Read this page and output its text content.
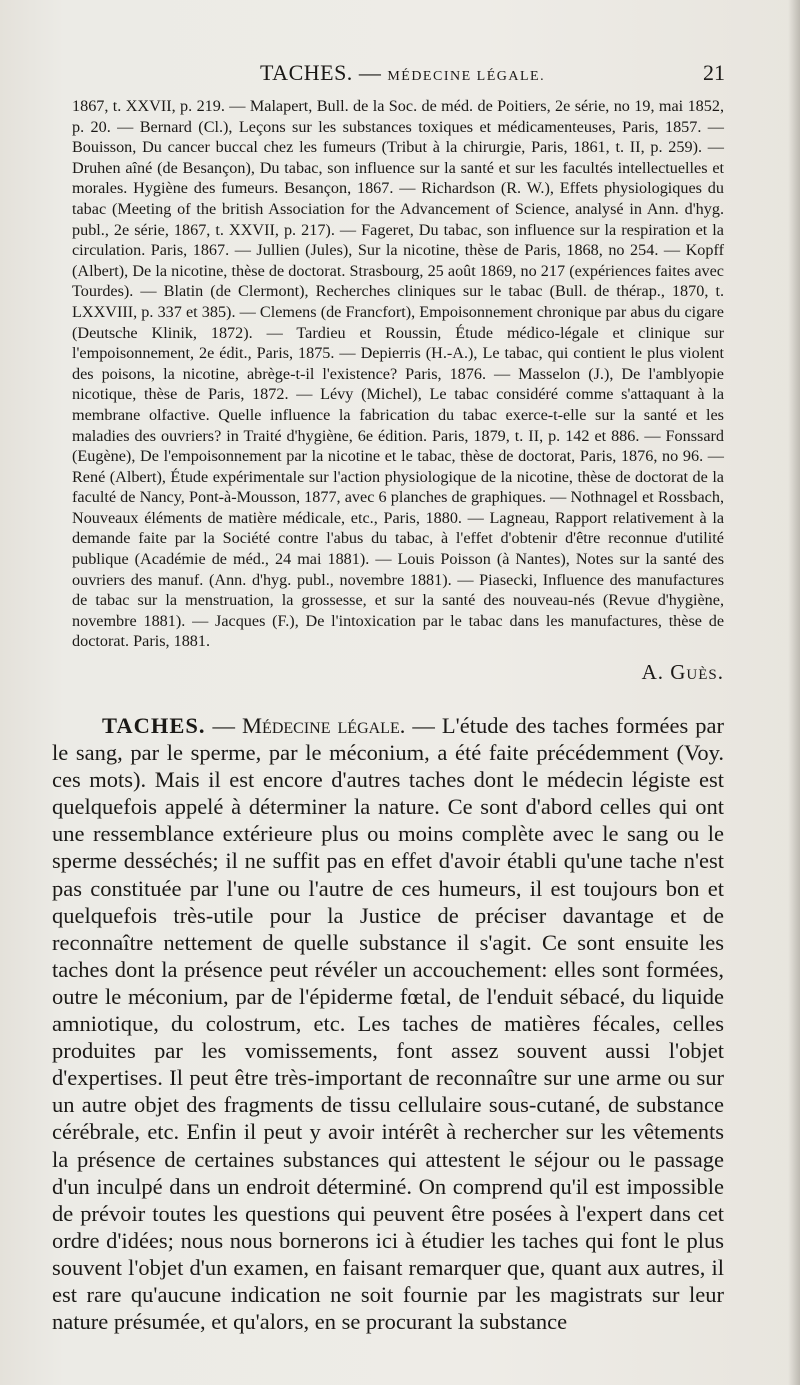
TACHES. — MÉDECINE LÉGALE.	21

1867, t. XXVII, p. 219. — Malapert, Bull. de la Soc. de méd. de Poitiers, 2e série, no 19, mai 1852, p. 20. — Bernard (Cl.), Leçons sur les substances toxiques et médicamenteuses, Paris, 1857. — Bouisson, Du cancer buccal chez les fumeurs (Tribut à la chirurgie, Paris, 1861, t. II, p. 259). — Druhen aîné (de Besançon), Du tabac, son influence sur la santé et sur les facultés intellectuelles et morales. Hygiène des fumeurs. Besançon, 1867. — Richardson (R. W.), Effets physiologiques du tabac (Meeting of the british Association for the Advancement of Science, analysé in Ann. d'hyg. publ., 2e série, 1867, t. XXVII, p. 217). — Fageret, Du tabac, son influence sur la respiration et la circulation. Paris, 1867. — Jullien (Jules), Sur la nicotine, thèse de Paris, 1868, no 254. — Kopff (Albert), De la nicotine, thèse de doctorat. Strasbourg, 25 août 1869, no 217 (expériences faites avec Tourdes). — Blatin (de Clermont), Recherches cliniques sur le tabac (Bull. de thérap., 1870, t. LXXVIII, p. 337 et 385). — Clemens (de Francfort), Empoisonnement chronique par abus du cigare (Deutsche Klinik, 1872). — Tardieu et Roussin, Étude médico-légale et clinique sur l'empoisonnement, 2e édit., Paris, 1875. — Depierris (H.-A.), Le tabac, qui contient le plus violent des poisons, la nicotine, abrège-t-il l'existence? Paris, 1876. — Masselon (J.), De l'amblyopie nicotique, thèse de Paris, 1872. — Lévy (Michel), Le tabac considéré comme s'attaquant à la membrane olfactive. Quelle influence la fabrication du tabac exerce-t-elle sur la santé et les maladies des ouvriers? in Traité d'hygiène, 6e édition. Paris, 1879, t. II, p. 142 et 886. — Fonssard (Eugène), De l'empoisonnement par la nicotine et le tabac, thèse de doctorat, Paris, 1876, no 96. — René (Albert), Étude expérimentale sur l'action physiologique de la nicotine, thèse de doctorat de la faculté de Nancy, Pont-à-Mousson, 1877, avec 6 planches de graphiques. — Nothnagel et Rossbach, Nouveaux éléments de matière médicale, etc., Paris, 1880. — Lagneau, Rapport relativement à la demande faite par la Société contre l'abus du tabac, à l'effet d'obtenir d'être reconnue d'utilité publique (Académie de méd., 24 mai 1881). — Louis Poisson (à Nantes), Notes sur la santé des ouvriers des manuf. (Ann. d'hyg. publ., novembre 1881). — Piasecki, Influence des manufactures de tabac sur la menstruation, la grossesse, et sur la santé des nouveau-nés (Revue d'hygiène, novembre 1881). — Jacques (F.), De l'intoxication par le tabac dans les manufactures, thèse de doctorat. Paris, 1881.

A. Guès.

TACHES. — Médecine légale. — L'étude des taches formées par le sang, par le sperme, par le méconium, a été faite précédemment (Voy. ces mots). Mais il est encore d'autres taches dont le médecin légiste est quelquefois appelé à déterminer la nature. Ce sont d'abord celles qui ont une ressemblance extérieure plus ou moins complète avec le sang ou le sperme desséchés; il ne suffit pas en effet d'avoir établi qu'une tache n'est pas constituée par l'une ou l'autre de ces humeurs, il est toujours bon et quelquefois très-utile pour la Justice de préciser davantage et de reconnaître nettement de quelle substance il s'agit. Ce sont ensuite les taches dont la présence peut révéler un accouchement: elles sont formées, outre le méconium, par de l'épiderme fœtal, de l'enduit sébacé, du liquide amniotique, du colostrum, etc. Les taches de matières fécales, celles produites par les vomissements, font assez souvent aussi l'objet d'expertises. Il peut être très-important de reconnaître sur une arme ou sur un autre objet des fragments de tissu cellulaire sous-cutané, de substance cérébrale, etc. Enfin il peut y avoir intérêt à rechercher sur les vêtements la présence de certaines substances qui attestent le séjour ou le passage d'un inculpé dans un endroit déterminé. On comprend qu'il est impossible de prévoir toutes les questions qui peuvent être posées à l'expert dans cet ordre d'idées; nous nous bornerons ici à étudier les taches qui font le plus souvent l'objet d'un examen, en faisant remarquer que, quant aux autres, il est rare qu'aucune indication ne soit fournie par les magistrats sur leur nature présumée, et qu'alors, en se procurant la substance
